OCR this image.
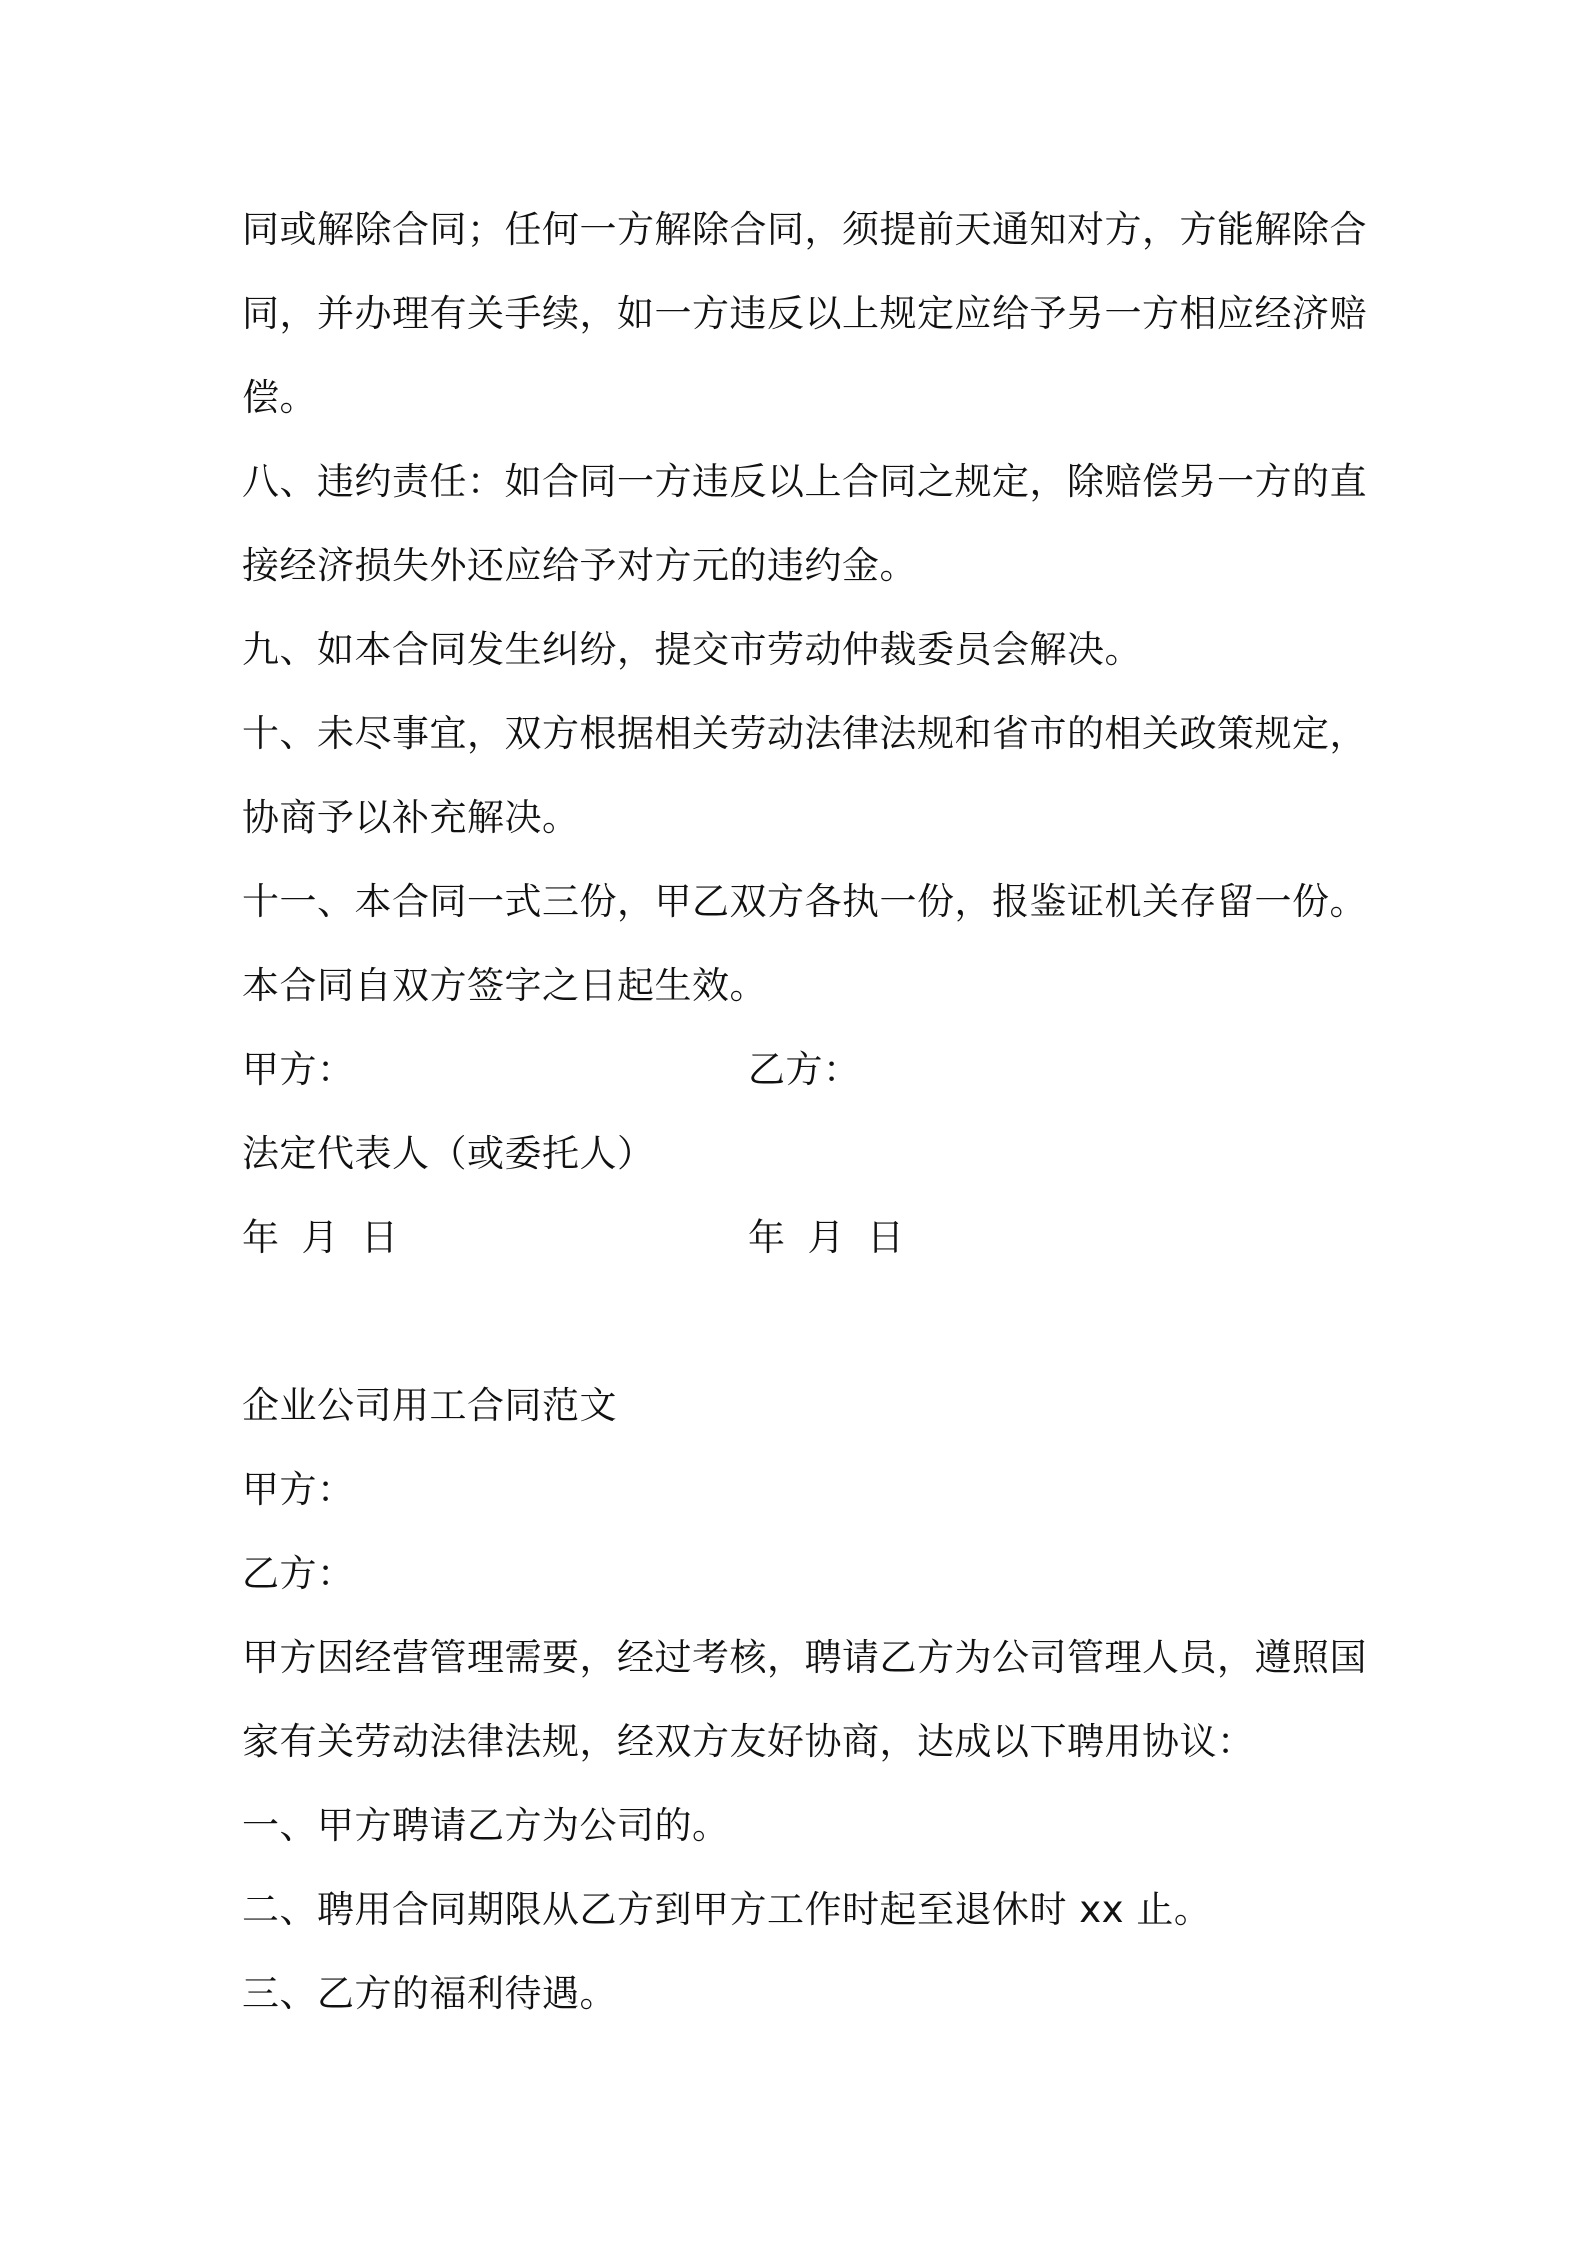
同或解除合同；任何一方解除合同，须提前天通知对方，方能解除合
同，并办理有关手续，如一方违反以上规定应给予另一方相应经济赔
偿。
八、违约责任：如合同一方违反以上合同之规定，除赔偿另一方的直
接经济损失外还应给予对方元的违约金。
九、如本合同发生纠纷，提交市劳动仲裁委员会解决。
十、未尽事宜，双方根据相关劳动法律法规和省市的相关政策规定，
协商予以补充解决。
十一、本合同一式三份，甲乙双方各执一份，报鉴证机关存留一份。
本合同自双方签字之日起生效。
甲方：	乙方：
法定代表人（或委托人）
年 月 日	年 月 日
企业公司用工合同范文
甲方：
乙方：
甲方因经营管理需要，经过考核，聘请乙方为公司管理人员，遵照国
家有关劳动法律法规，经双方友好协商，达成以下聘用协议：
一、甲方聘请乙方为公司的。
二、聘用合同期限从乙方到甲方工作时起至退休时 xx 止。
三、乙方的福利待遇。
